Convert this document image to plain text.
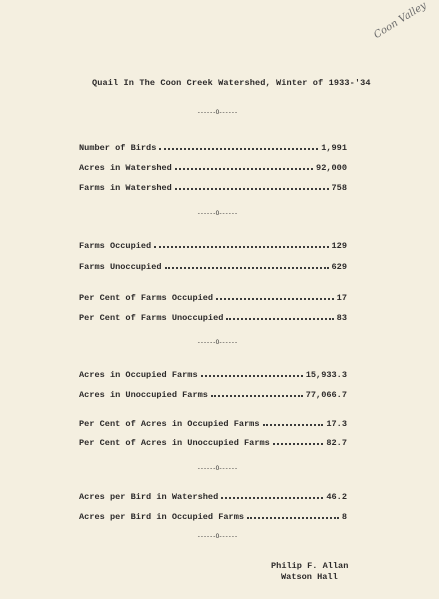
Coon Valley
Quail In The Coon Creek Watershed, Winter of 1933-'34
------O------
Number of Birds	1,991
Acres in Watershed	92,000
Farms in Watershed	758
------O------
Farms Occupied	129
Farms Unoccupied	629
Per Cent of Farms Occupied	17
Per Cent of Farms Unoccupied	83
------O------
Acres in Occupied Farms	15,933.3
Acres in Unoccupied Farms	77,066.7
Per Cent of Acres in Occupied Farms	17.3
Per Cent of Acres in Unoccupied Farms	82.7
------O------
Acres per Bird in Watershed	46.2
Acres per Bird in Occupied Farms	8
------O------
Philip F. Allan
Watson Hall
